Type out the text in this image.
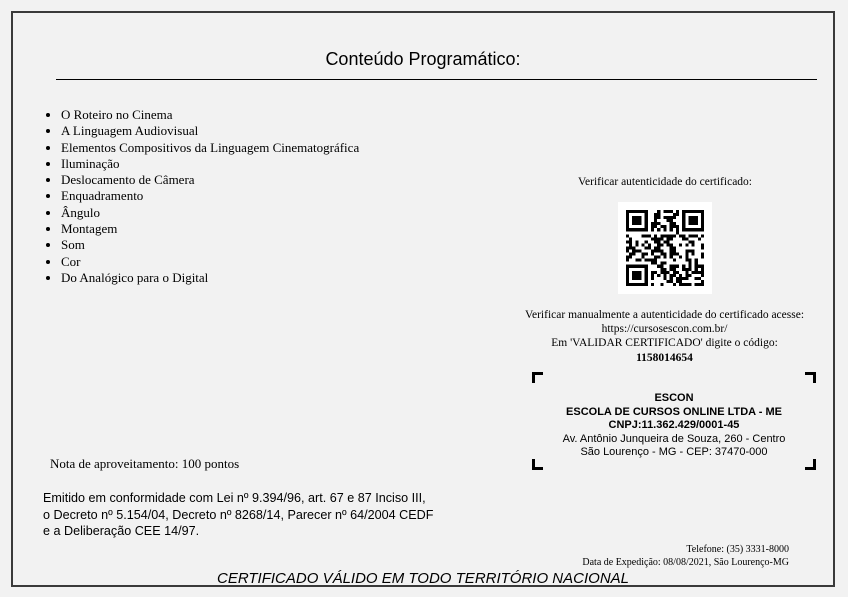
Conteúdo Programático:
• O Roteiro no Cinema
• A Linguagem Audiovisual
• Elementos Compositivos da Linguagem Cinematográfica
• Iluminação
• Deslocamento de Câmera
• Enquadramento
• Ângulo
• Montagem
• Som
• Cor
• Do Analógico para o Digital
Verificar autenticidade do certificado:
Verificar manualmente a autenticidade do certificado acesse:
https://cursosescon.com.br/
Em 'VALIDAR CERTIFICADO' digite o código:
1158014654
ESCON
ESCOLA DE CURSOS ONLINE LTDA - ME
CNPJ:11.362.429/0001-45
Av. Antônio Junqueira de Souza, 260 - Centro
São Lourenço - MG - CEP: 37470-000
Nota de aproveitamento: 100 pontos
Emitido em conformidade com Lei nº 9.394/96, art. 67 e 87 Inciso III,
o Decreto nº 5.154/04, Decreto nº 8268/14, Parecer nº 64/2004 CEDF
e a Deliberação CEE 14/97.
Telefone: (35) 3331-8000
Data de Expedição: 08/08/2021, São Lourenço-MG
CERTIFICADO VÁLIDO EM TODO TERRITÓRIO NACIONAL
